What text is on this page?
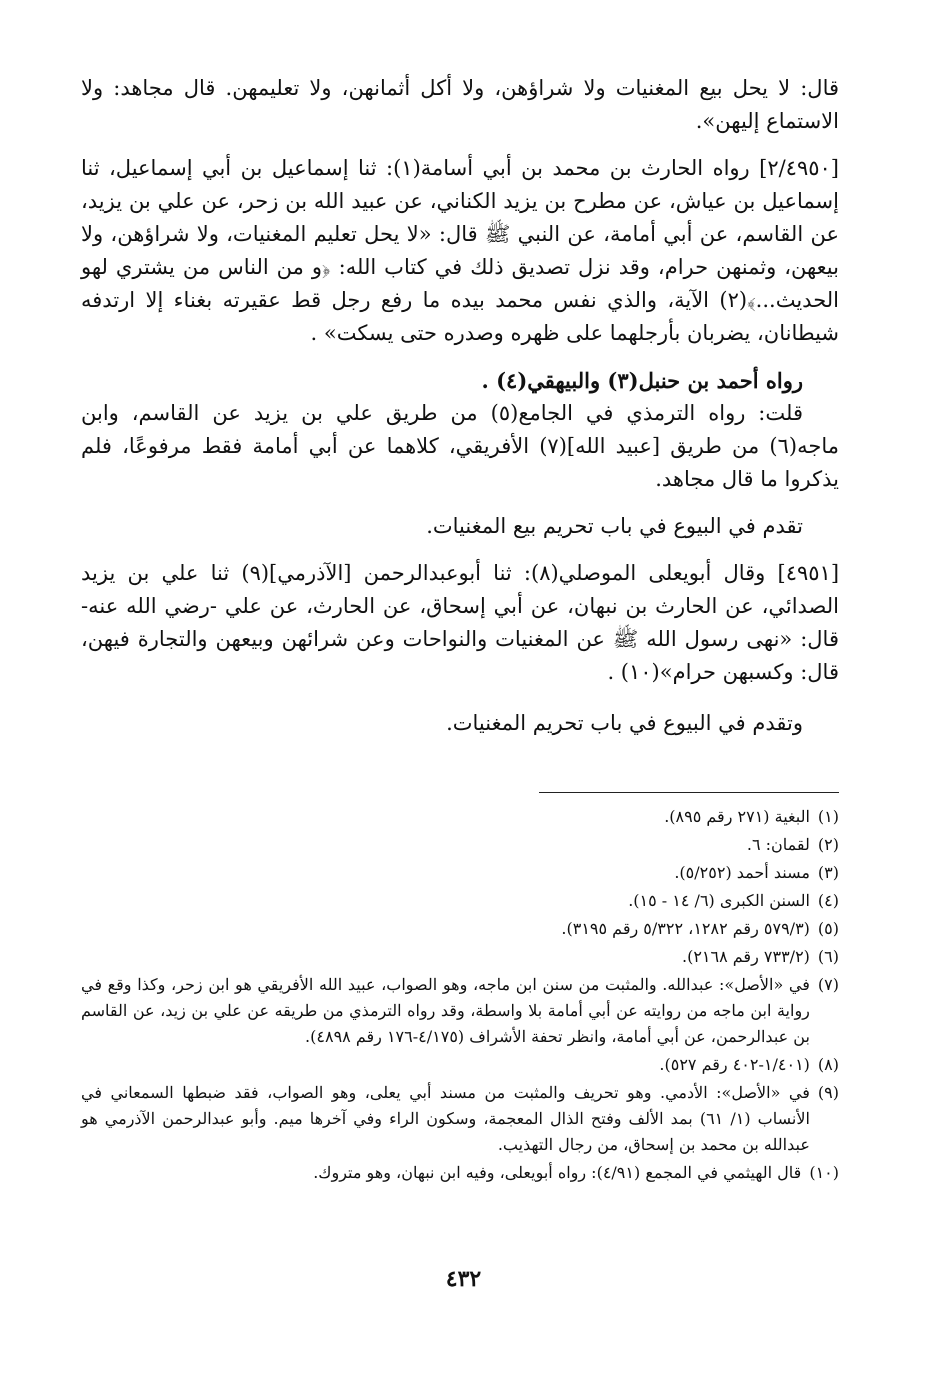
قال: لا يحل بيع المغنيات ولا شراؤهن، ولا أكل أثمانهن، ولا تعليمهن. قال مجاهد: ولا الاستماع إليهن».

[٢/٤٩٥٠] رواه الحارث بن محمد بن أبي أسامة(١): ثنا إسماعيل بن أبي إسماعيل، ثنا إسماعيل بن عياش، عن مطرح بن يزيد الكناني، عن عبيد الله بن زحر، عن علي بن يزيد، عن القاسم، عن أبي أمامة، عن النبي ﷺ قال: «لا يحل تعليم المغنيات، ولا شراؤهن، ولا بيعهن، وثمنهن حرام، وقد نزل تصديق ذلك في كتاب الله: ﴿و من الناس من يشتري لهو الحديث...﴾(٢) الآية، والذي نفس محمد بيده ما رفع رجل قط عقيرته بغناء إلا ارتدفه شيطانان، يضربان بأرجلهما على ظهره وصدره حتى يسكت» .

رواه أحمد بن حنبل(٣) والبيهقي(٤) .

قلت: رواه الترمذي في الجامع(٥) من طريق علي بن يزيد عن القاسم، وابن ماجه(٦) من طريق [عبيد الله](٧) الأفريقي، كلاهما عن أبي أمامة فقط مرفوعًا، فلم يذكروا ما قال مجاهد.

تقدم في البيوع في باب تحريم بيع المغنيات.

[٤٩٥١] وقال أبويعلى الموصلي(٨): ثنا أبوعبدالرحمن [الآذرمي](٩) ثنا علي بن يزيد الصدائي، عن الحارث بن نبهان، عن أبي إسحاق، عن الحارث، عن علي -رضي الله عنه- قال: «نهى رسول الله ﷺ عن المغنيات والنواحات وعن شرائهن وبيعهن والتجارة فيهن، قال: وكسبهن حرام»(١٠) .

وتقدم في البيوع في باب تحريم المغنيات.

(١)
البغية (٢٧١ رقم ٨٩٥).
(٢)
لقمان: ٦.
(٣)
مسند أحمد (٥/٢٥٢).
(٤)
السنن الكبرى (٦/ ١٤ - ١٥).
(٥)
(٥٧٩/٣ رقم ١٢٨٢، ٥/٣٢٢ رقم ٣١٩٥).
(٦)
(٧٣٣/٢ رقم ٢١٦٨).
(٧)
في «الأصل»: عبدالله. والمثبت من سنن ابن ماجه، وهو الصواب، عبيد الله الأفريقي هو ابن زحر، وكذا وقع في رواية ابن ماجه من روايته عن أبي أمامة بلا واسطة، وقد رواه الترمذي من طريقه عن علي بن زيد، عن القاسم بن عبدالرحمن، عن أبي أمامة، وانظر تحفة الأشراف (٤/١٧٥-١٧٦ رقم ٤٨٩٨).
(٨)
(١/٤٠١-٤٠٢ رقم ٥٢٧).
(٩)
في «الأصل»: الأدمي. وهو تحريف والمثبت من مسند أبي يعلى، وهو الصواب، فقد ضبطها السمعاني في الأنساب (١/ ٦١) بمد الألف وفتح الذال المعجمة، وسكون الراء وفي آخرها ميم. وأبو عبدالرحمن الآذرمي هو عبدالله بن محمد بن إسحاق، من رجال التهذيب.
(١٠)
قال الهيثمي في المجمع (٤/٩١): رواه أبويعلى، وفيه ابن نبهان، وهو متروك.
٤٣٢
